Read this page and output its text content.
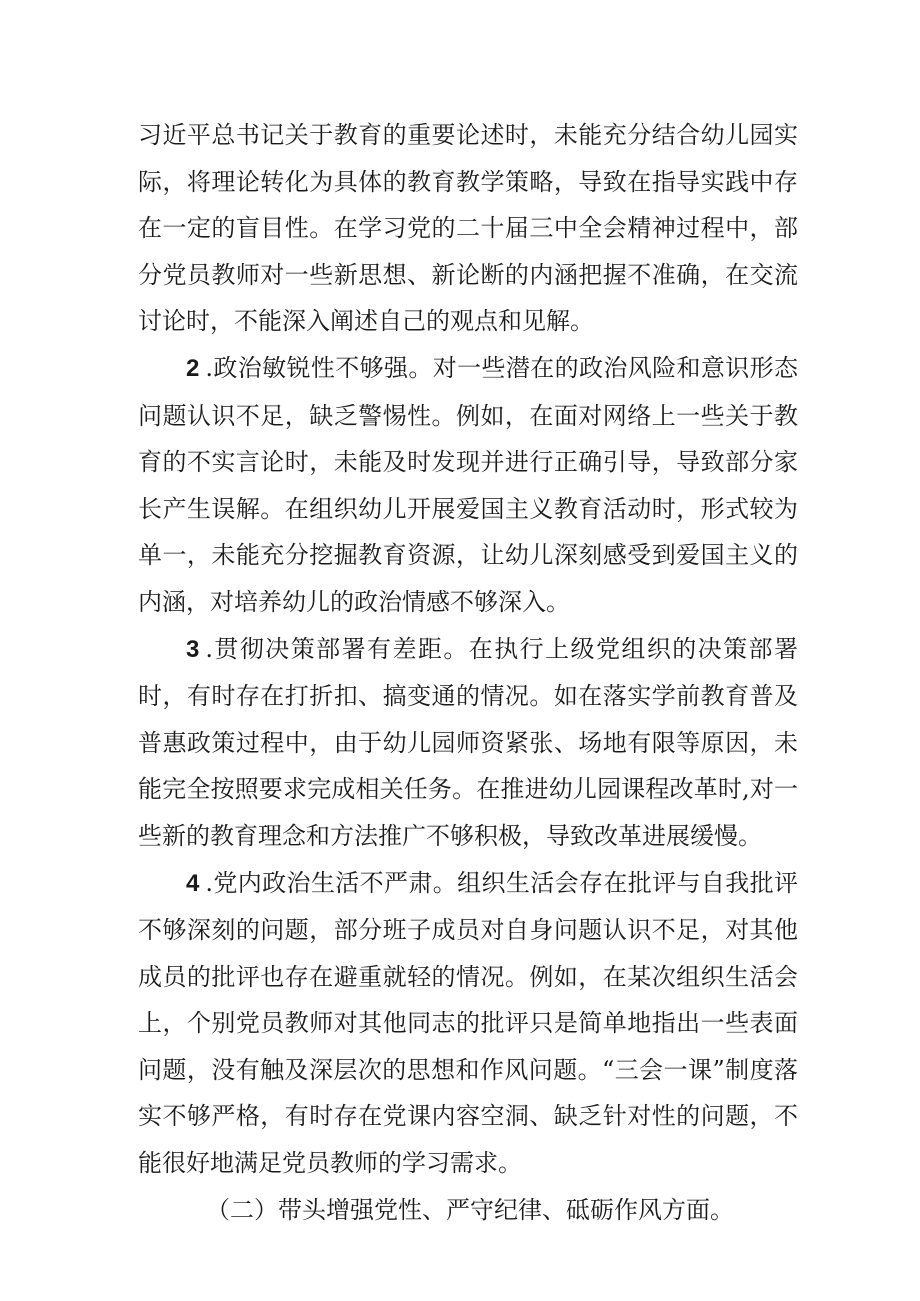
习近平总书记关于教育的重要论述时，未能充分结合幼儿园实际，将理论转化为具体的教育教学策略，导致在指导实践中存在一定的盲目性。在学习党的二十届三中全会精神过程中，部分党员教师对一些新思想、新论断的内涵把握不准确，在交流讨论时，不能深入阐述自己的观点和见解。

2 .政治敏锐性不够强。对一些潜在的政治风险和意识形态问题认识不足，缺乏警惕性。例如，在面对网络上一些关于教育的不实言论时，未能及时发现并进行正确引导，导致部分家长产生误解。在组织幼儿开展爱国主义教育活动时，形式较为单一，未能充分挖掘教育资源，让幼儿深刻感受到爱国主义的内涵，对培养幼儿的政治情感不够深入。

3 .贯彻决策部署有差距。在执行上级党组织的决策部署时，有时存在打折扣、搞变通的情况。如在落实学前教育普及普惠政策过程中，由于幼儿园师资紧张、场地有限等原因，未能完全按照要求完成相关任务。在推进幼儿园课程改革时,对一些新的教育理念和方法推广不够积极，导致改革进展缓慢。

4 .党内政治生活不严肃。组织生活会存在批评与自我批评不够深刻的问题，部分班子成员对自身问题认识不足，对其他成员的批评也存在避重就轻的情况。例如，在某次组织生活会上，个别党员教师对其他同志的批评只是简单地指出一些表面问题，没有触及深层次的思想和作风问题。“三会一课”制度落实不够严格，有时存在党课内容空洞、缺乏针对性的问题，不能很好地满足党员教师的学习需求。

（二）带头增强党性、严守纪律、砥砺作风方面。
